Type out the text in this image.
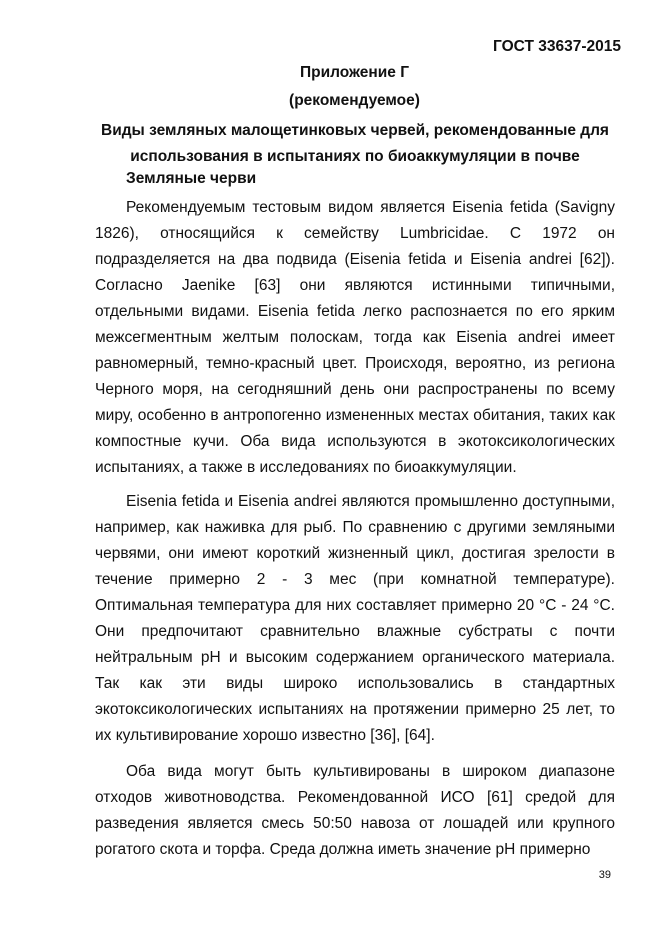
ГОСТ 33637-2015
Приложение Г
(рекомендуемое)
Виды земляных малощетинковых червей, рекомендованные для использования в испытаниях по биоаккумуляции в почве
Земляные черви

Рекомендуемым тестовым видом является Eisenia fetida (Savigny 1826), относящийся к семейству Lumbricidae. С 1972 он подразделяется на два подвида (Eisenia fetida и Eisenia andrei [62]). Согласно Jaenike [63] они являются истинными типичными, отдельными видами. Eisenia fetida легко распознается по его ярким межсегментным желтым полоскам, тогда как Eisenia andrei имеет равномерный, темно-красный цвет. Происходя, вероятно, из региона Черного моря, на сегодняшний день они распространены по всему миру, особенно в антропогенно измененных местах обитания, таких как компостные кучи. Оба вида используются в экотоксикологических испытаниях, а также в исследованиях по биоаккумуляции.

Eisenia fetida и Eisenia andrei являются промышленно доступными, например, как наживка для рыб. По сравнению с другими земляными червями, они имеют короткий жизненный цикл, достигая зрелости в течение примерно 2 - 3 мес (при комнатной температуре). Оптимальная температура для них составляет примерно 20 °С - 24 °С. Они предпочитают сравнительно влажные субстраты с почти нейтральным pH и высоким содержанием органического материала. Так как эти виды широко использовались в стандартных экотоксикологических испытаниях на протяжении примерно 25 лет, то их культивирование хорошо известно [36], [64].

Оба вида могут быть культивированы в широком диапазоне отходов животноводства. Рекомендованной ИСО [61] средой для разведения является смесь 50:50 навоза от лошадей или крупного рогатого скота и торфа. Среда должна иметь значение pH примерно

39
